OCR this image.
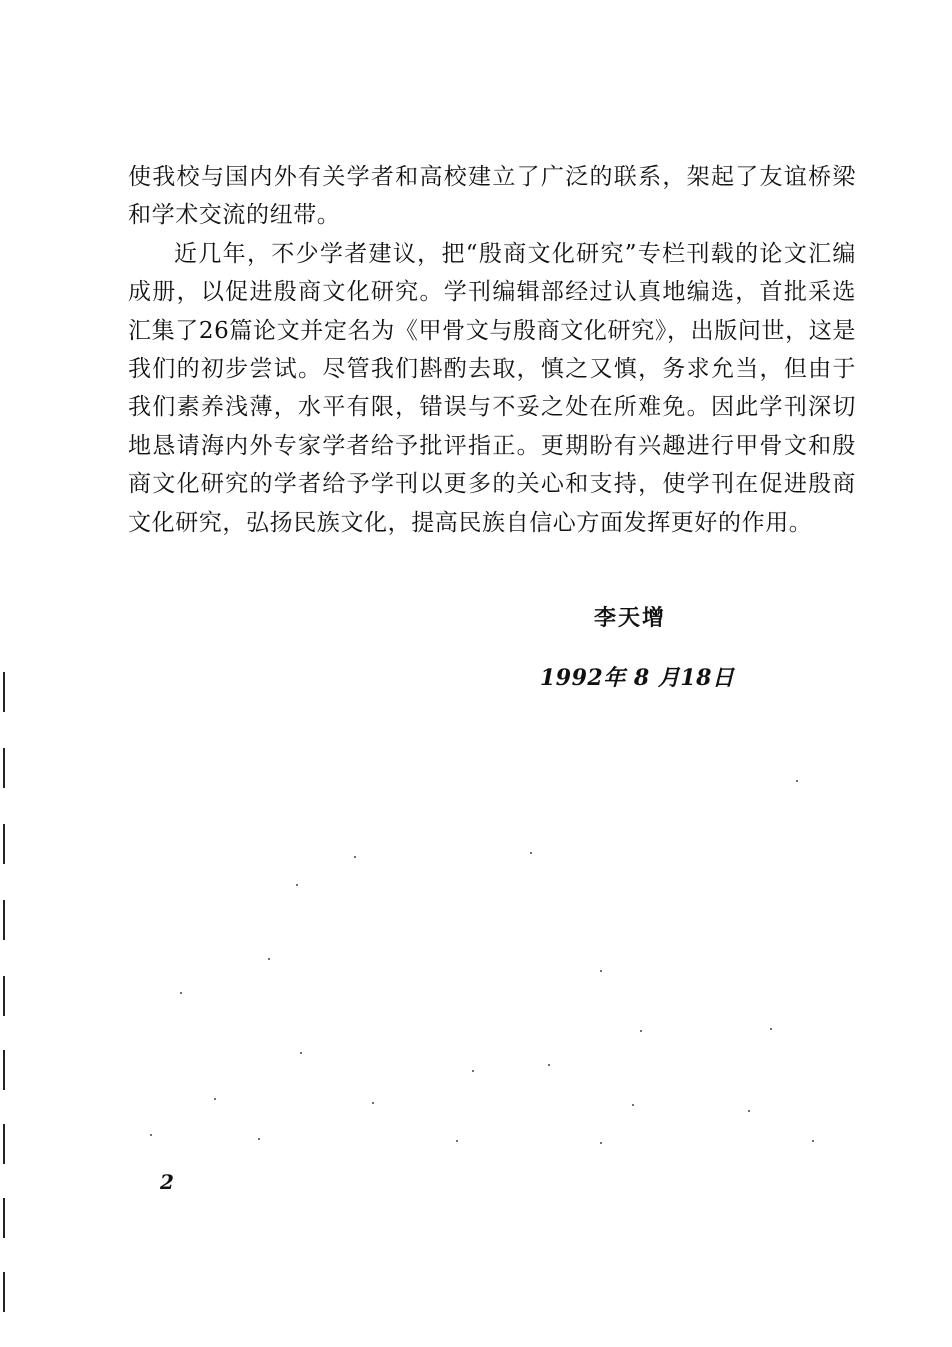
使我校与国内外有关学者和高校建立了广泛的联系，架起了友谊桥梁和学术交流的纽带。

近几年，不少学者建议，把“殷商文化研究”专栏刊载的论文汇编成册，以促进殷商文化研究。学刊编辑部经过认真地编选，首批采选汇集了26篇论文并定名为《甲骨文与殷商文化研究》，出版问世，这是我们的初步尝试。尽管我们斟酌去取，慎之又慎，务求允当，但由于我们素养浅薄，水平有限，错误与不妥之处在所难免。因此学刊深切地恳请海内外专家学者给予批评指正。更期盼有兴趣进行甲骨文和殷商文化研究的学者给予学刊以更多的关心和支持，使学刊在促进殷商文化研究，弘扬民族文化，提高民族自信心方面发挥更好的作用。

李天增
1992年 8 月18日
2
